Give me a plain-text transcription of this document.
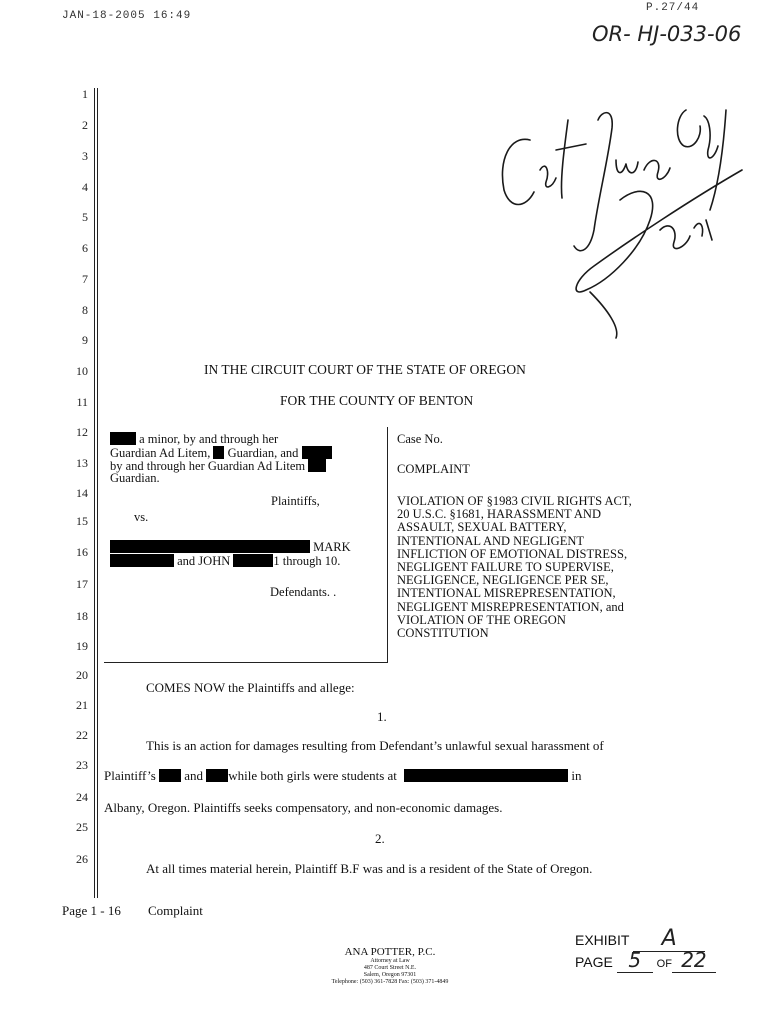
JAN-18-2005 16:49
P.27/44
OR- HJ-033-06
1
2
3
4
5
6
7
8
9
10
11
12
13
14
15
16
17
18
19
20
21
22
23
24
25
26
IN THE CIRCUIT COURT OF THE STATE OF OREGON
FOR THE COUNTY OF BENTON
a minor, by and through her
Guardian Ad Litem, Guardian, and
by and through her Guardian Ad Litem
Guardian.
Plaintiffs,
vs.
MARK
and JOHN	1 through 10.
Defendants. .
Case No.
COMPLAINT
VIOLATION OF §1983 CIVIL RIGHTS ACT,
20 U.S.C. §1681, HARASSMENT AND
ASSAULT, SEXUAL BATTERY,
INTENTIONAL AND NEGLIGENT
INFLICTION OF EMOTIONAL DISTRESS,
NEGLIGENT FAILURE TO SUPERVISE,
NEGLIGENCE, NEGLIGENCE PER SE,
INTENTIONAL MISREPRESENTATION,
NEGLIGENT MISREPRESENTATION, and
VIOLATION OF THE OREGON
CONSTITUTION
COMES NOW the Plaintiffs and allege:
1.
This is an action for damages resulting from Defendant’s unlawful sexual harassment of
Plaintiff’s and while both girls were students at	in
Albany, Oregon. Plaintiffs seeks compensatory, and non-economic damages.
2.
At all times material herein, Plaintiff B.F was and is a resident of the State of Oregon.
Page 1 - 16 Complaint
EXHIBIT A
PAGE 5 OF 22
ANA POTTER, P.C.
Attorney at Law
487 Court Street N.E.
Salem, Oregon 97301
Telephone: (503) 361-7828 Fax: (503) 371-4849
